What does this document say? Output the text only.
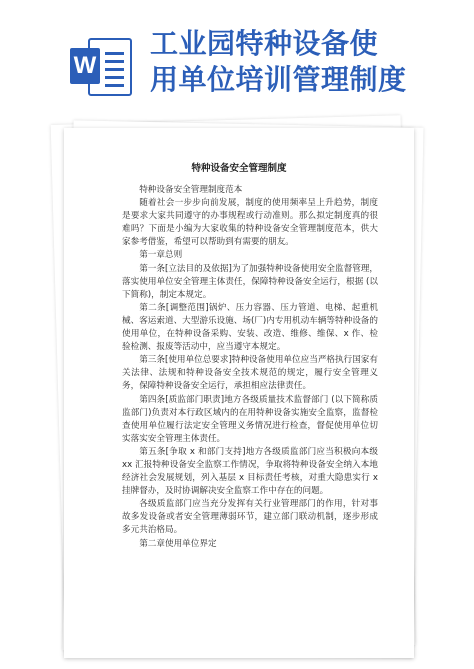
W
工业园特种设备使
用单位培训管理制度
特种设备安全管理制度

特种设备安全管理制度范本

随着社会一步步向前发展，制度的使用频率呈上升趋势，制度是要求大家共同遵守的办事规程或行动准则。那么拟定制度真的很难吗？下面是小编为大家收集的特种设备安全管理制度范本，供大家参考借鉴，希望可以帮助到有需要的朋友。

第一章总则

第一条[立法目的及依据]为了加强特种设备使用安全监督管理，落实使用单位安全管理主体责任，保障特种设备安全运行，根据 (以下简称)，制定本规定。

第二条[调整范围]锅炉、压力容器、压力管道、电梯、起重机械、客运索道、大型游乐设施、场(厂)内专用机动车辆等特种设备的使用单位，在特种设备采购、安装、改造、维修、维保、x 作、检验检测、报废等活动中，应当遵守本规定。

第三条[使用单位总要求]特种设备使用单位应当严格执行国家有关法律、法规和特种设备安全技术规范的规定，履行安全管理义务，保障特种设备安全运行，承担相应法律责任。

第四条[质监部门职责]地方各级质量技术监督部门 (以下简称质监部门)负责对本行政区域内的在用特种设备实施安全监察，监督检查使用单位履行法定安全管理义务情况进行检查，督促使用单位切实落实安全管理主体责任。

第五条[争取 x 和部门支持]地方各级质监部门应当积极向本级 xx 汇报特种设备安全监察工作情况，争取将特种设备安全纳入本地经济社会发展规划，列入基层 x 目标责任考核，对重大隐患实行 x 挂牌督办，及时协调解决安全监察工作中存在的问题。

各级质监部门应当充分发挥有关行业管理部门的作用，针对事故多发设备或者安全管理薄弱环节，建立部门联动机制，逐步形成多元共治格局。

第二章使用单位界定
